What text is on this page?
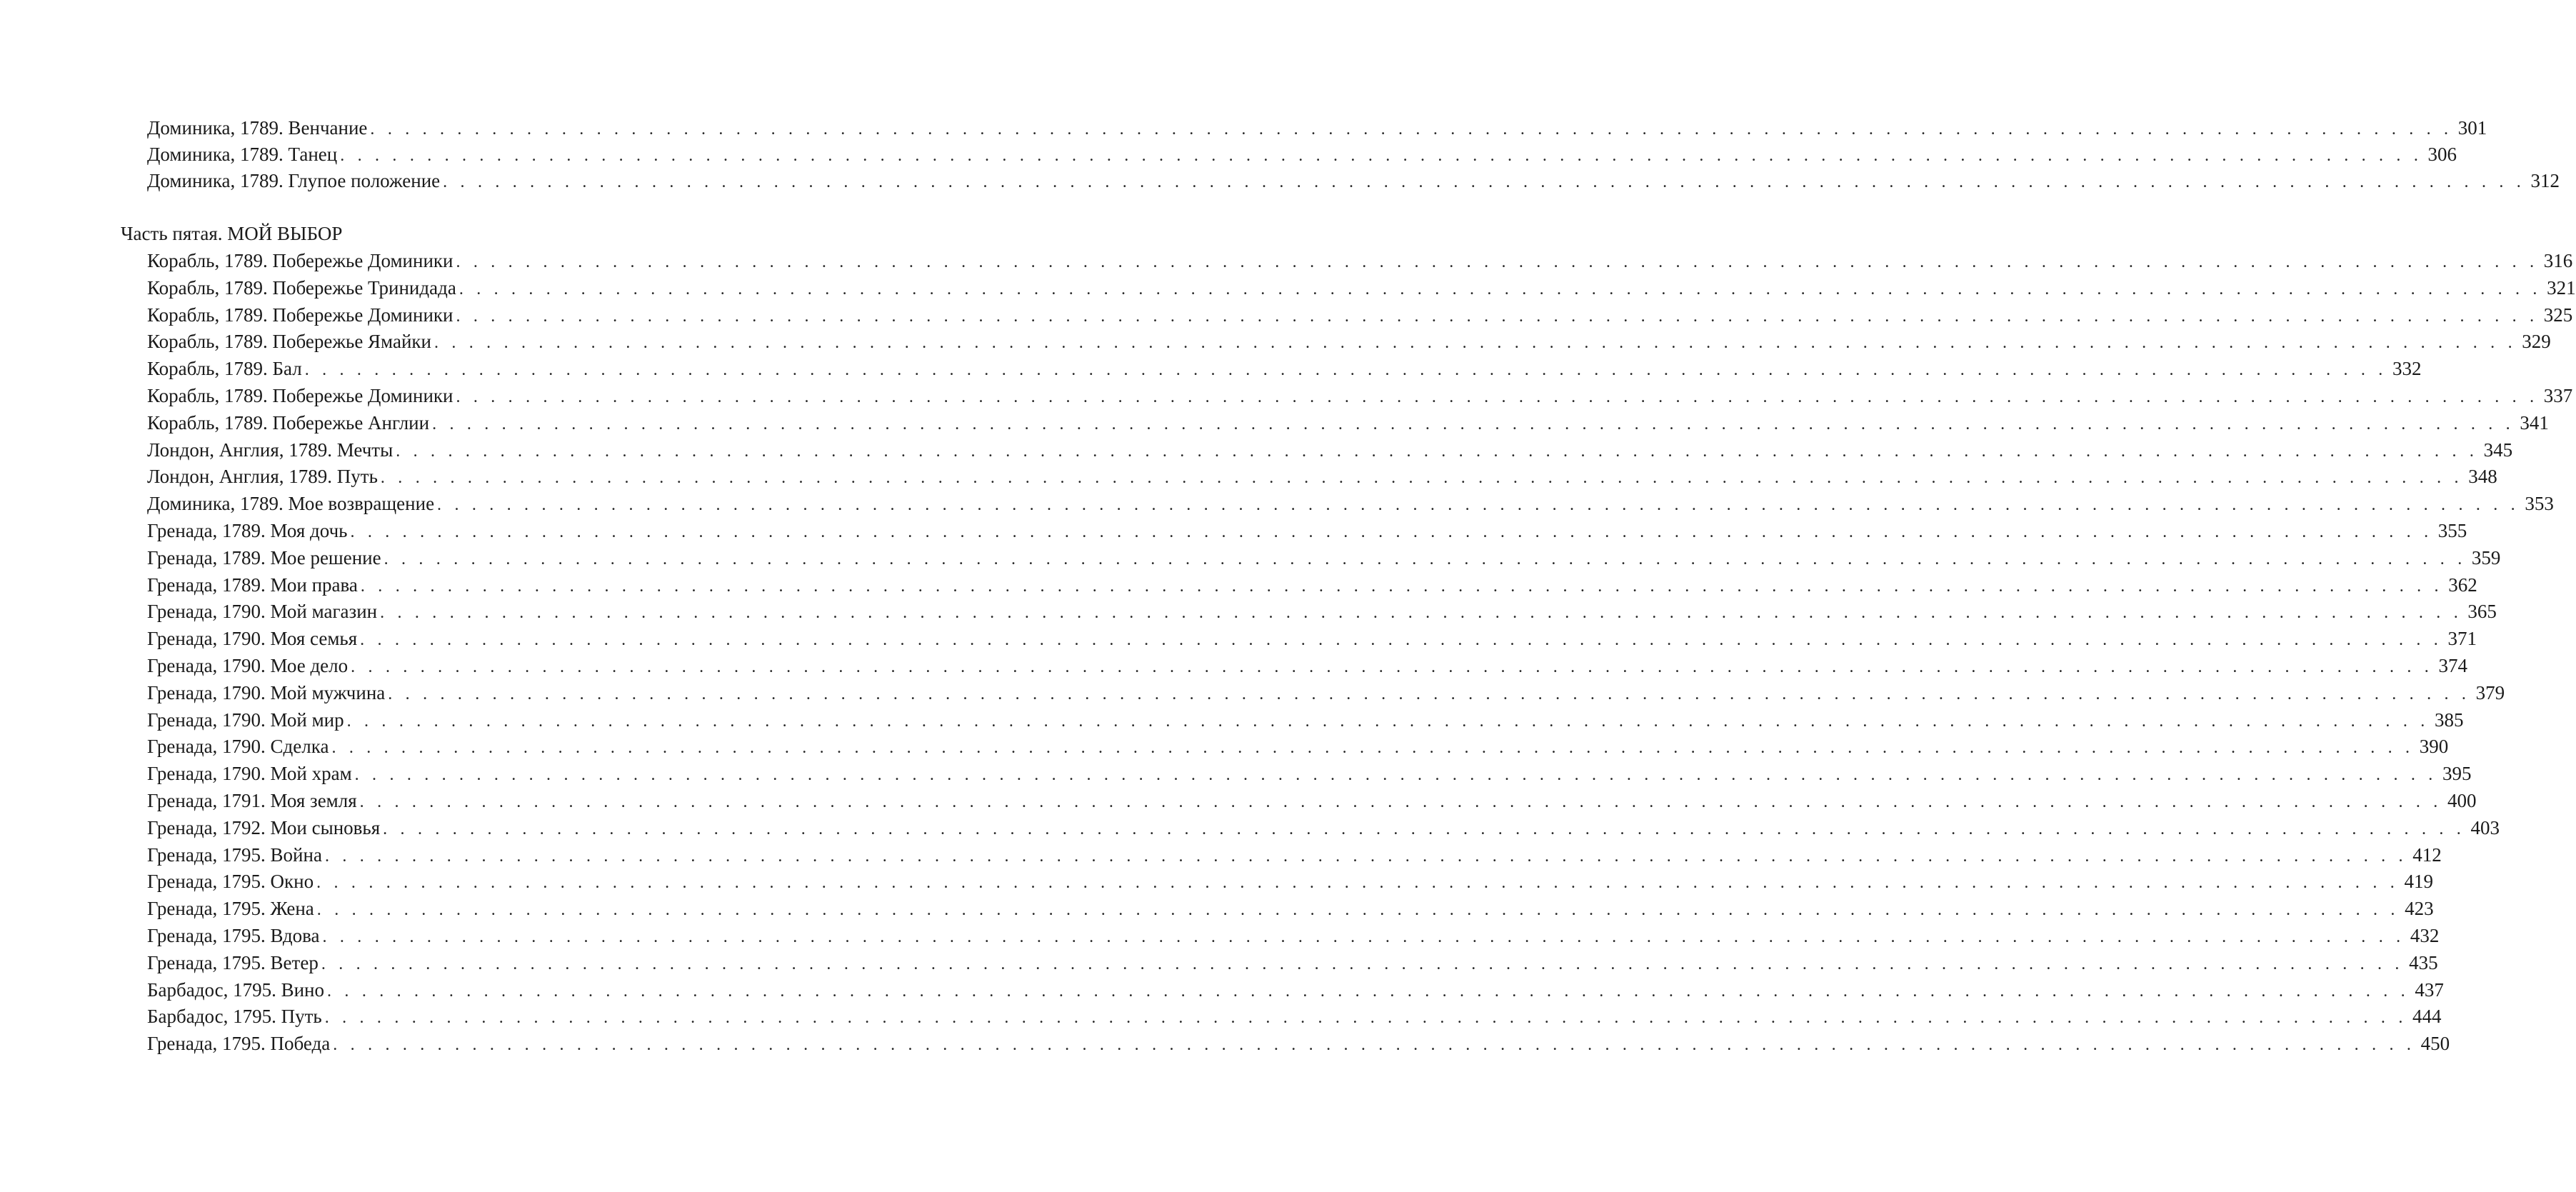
Часть пятая. МОЙ ВЫБОР
Доминика, 1789. Венчание . . . . . . . . . . . . . . . . . . . . . . . . . . . . . . . . . . . . . . . . . . . . . . . . . . . . . . . . . . . . . . . . . . . . . . . . . . . . . . . . . . . . . . . . . . . . . . . . . . . . . . . . . . . . . . . . . . . . . . . . 301
Доминика, 1789. Танец . . . . . . . . . . . . . . . . . . . . . . . . . . . . . . . . . . . . . . . . . . . . . . . . . . . . . . . . . . . . . . . . . . . . . . . . . . . . . . . . . . . . . . . . . . . . . . . . . . . . . . . . . . . . . . . . . . . . . . . . 306
Доминика, 1789. Глупое положение . . . . . . . . . . . . . . . . . . . . . . . . . . . . . . . . . . . . . . . . . . . . . . . . . . . . . . . . . . . . . . . . . . . . . . . . . . . . . . . . . . . . . . . . . . . . . . . . . . . . . . . . . . . . . . . . . . . . . . . . 312
Корабль, 1789. Побережье Доминики . . . . . . . . . . . . . . . . . . . . . . . . . . . . . . . . . . . . . . . . . . . . . . . . . . . . . . . . . . . . . . . . . . . . . . . . . . . . . . . . . . . . . . . . . . . . . . . . . . . . . . . . . . . . . . . . . . . . . . . . 316
Корабль, 1789. Побережье Тринидада . . . . . . . . . . . . . . . . . . . . . . . . . . . . . . . . . . . . . . . . . . . . . . . . . . . . . . . . . . . . . . . . . . . . . . . . . . . . . . . . . . . . . . . . . . . . . . . . . . . . . . . . . . . . . . . . . . . . . . . . 321
Корабль, 1789. Побережье Доминики . . . . . . . . . . . . . . . . . . . . . . . . . . . . . . . . . . . . . . . . . . . . . . . . . . . . . . . . . . . . . . . . . . . . . . . . . . . . . . . . . . . . . . . . . . . . . . . . . . . . . . . . . . . . . . . . . . . . . . . . 325
Корабль, 1789. Побережье Ямайки . . . . . . . . . . . . . . . . . . . . . . . . . . . . . . . . . . . . . . . . . . . . . . . . . . . . . . . . . . . . . . . . . . . . . . . . . . . . . . . . . . . . . . . . . . . . . . . . . . . . . . . . . . . . . . . . . . . . . . . . 329
Корабль, 1789. Бал . . . . . . . . . . . . . . . . . . . . . . . . . . . . . . . . . . . . . . . . . . . . . . . . . . . . . . . . . . . . . . . . . . . . . . . . . . . . . . . . . . . . . . . . . . . . . . . . . . . . . . . . . . . . . . . . . . . . . . . . 332
Корабль, 1789. Побережье Доминики . . . . . . . . . . . . . . . . . . . . . . . . . . . . . . . . . . . . . . . . . . . . . . . . . . . . . . . . . . . . . . . . . . . . . . . . . . . . . . . . . . . . . . . . . . . . . . . . . . . . . . . . . . . . . . . . . . . . . . . . 337
Корабль, 1789. Побережье Англии . . . . . . . . . . . . . . . . . . . . . . . . . . . . . . . . . . . . . . . . . . . . . . . . . . . . . . . . . . . . . . . . . . . . . . . . . . . . . . . . . . . . . . . . . . . . . . . . . . . . . . . . . . . . . . . . . . . . . . . . 341
Лондон, Англия, 1789. Мечты . . . . . . . . . . . . . . . . . . . . . . . . . . . . . . . . . . . . . . . . . . . . . . . . . . . . . . . . . . . . . . . . . . . . . . . . . . . . . . . . . . . . . . . . . . . . . . . . . . . . . . . . . . . . . . . . . . . . . . . . 345
Лондон, Англия, 1789. Путь . . . . . . . . . . . . . . . . . . . . . . . . . . . . . . . . . . . . . . . . . . . . . . . . . . . . . . . . . . . . . . . . . . . . . . . . . . . . . . . . . . . . . . . . . . . . . . . . . . . . . . . . . . . . . . . . . . . . . . . . 348
Доминика, 1789. Мое возвращение . . . . . . . . . . . . . . . . . . . . . . . . . . . . . . . . . . . . . . . . . . . . . . . . . . . . . . . . . . . . . . . . . . . . . . . . . . . . . . . . . . . . . . . . . . . . . . . . . . . . . . . . . . . . . . . . . . . . . . . . 353
Гренада, 1789. Моя дочь . . . . . . . . . . . . . . . . . . . . . . . . . . . . . . . . . . . . . . . . . . . . . . . . . . . . . . . . . . . . . . . . . . . . . . . . . . . . . . . . . . . . . . . . . . . . . . . . . . . . . . . . . . . . . . . . . . . . . . . . 355
Гренада, 1789. Мое решение . . . . . . . . . . . . . . . . . . . . . . . . . . . . . . . . . . . . . . . . . . . . . . . . . . . . . . . . . . . . . . . . . . . . . . . . . . . . . . . . . . . . . . . . . . . . . . . . . . . . . . . . . . . . . . . . . . . . . . . . 359
Гренада, 1789. Мои права . . . . . . . . . . . . . . . . . . . . . . . . . . . . . . . . . . . . . . . . . . . . . . . . . . . . . . . . . . . . . . . . . . . . . . . . . . . . . . . . . . . . . . . . . . . . . . . . . . . . . . . . . . . . . . . . . . . . . . . . 362
Гренада, 1790. Мой магазин . . . . . . . . . . . . . . . . . . . . . . . . . . . . . . . . . . . . . . . . . . . . . . . . . . . . . . . . . . . . . . . . . . . . . . . . . . . . . . . . . . . . . . . . . . . . . . . . . . . . . . . . . . . . . . . . . . . . . . . . 365
Гренада, 1790. Моя семья . . . . . . . . . . . . . . . . . . . . . . . . . . . . . . . . . . . . . . . . . . . . . . . . . . . . . . . . . . . . . . . . . . . . . . . . . . . . . . . . . . . . . . . . . . . . . . . . . . . . . . . . . . . . . . . . . . . . . . . . 371
Гренада, 1790. Мое дело . . . . . . . . . . . . . . . . . . . . . . . . . . . . . . . . . . . . . . . . . . . . . . . . . . . . . . . . . . . . . . . . . . . . . . . . . . . . . . . . . . . . . . . . . . . . . . . . . . . . . . . . . . . . . . . . . . . . . . . . 374
Гренада, 1790. Мой мужчина . . . . . . . . . . . . . . . . . . . . . . . . . . . . . . . . . . . . . . . . . . . . . . . . . . . . . . . . . . . . . . . . . . . . . . . . . . . . . . . . . . . . . . . . . . . . . . . . . . . . . . . . . . . . . . . . . . . . . . . . 379
Гренада, 1790. Мой мир . . . . . . . . . . . . . . . . . . . . . . . . . . . . . . . . . . . . . . . . . . . . . . . . . . . . . . . . . . . . . . . . . . . . . . . . . . . . . . . . . . . . . . . . . . . . . . . . . . . . . . . . . . . . . . . . . . . . . . . . 385
Гренада, 1790. Сделка . . . . . . . . . . . . . . . . . . . . . . . . . . . . . . . . . . . . . . . . . . . . . . . . . . . . . . . . . . . . . . . . . . . . . . . . . . . . . . . . . . . . . . . . . . . . . . . . . . . . . . . . . . . . . . . . . . . . . . . . 390
Гренада, 1790. Мой храм . . . . . . . . . . . . . . . . . . . . . . . . . . . . . . . . . . . . . . . . . . . . . . . . . . . . . . . . . . . . . . . . . . . . . . . . . . . . . . . . . . . . . . . . . . . . . . . . . . . . . . . . . . . . . . . . . . . . . . . . 395
Гренада, 1791. Моя земля . . . . . . . . . . . . . . . . . . . . . . . . . . . . . . . . . . . . . . . . . . . . . . . . . . . . . . . . . . . . . . . . . . . . . . . . . . . . . . . . . . . . . . . . . . . . . . . . . . . . . . . . . . . . . . . . . . . . . . . . 400
Гренада, 1792. Мои сыновья . . . . . . . . . . . . . . . . . . . . . . . . . . . . . . . . . . . . . . . . . . . . . . . . . . . . . . . . . . . . . . . . . . . . . . . . . . . . . . . . . . . . . . . . . . . . . . . . . . . . . . . . . . . . . . . . . . . . . . . . 403
Гренада, 1795. Война . . . . . . . . . . . . . . . . . . . . . . . . . . . . . . . . . . . . . . . . . . . . . . . . . . . . . . . . . . . . . . . . . . . . . . . . . . . . . . . . . . . . . . . . . . . . . . . . . . . . . . . . . . . . . . . . . . . . . . . . 412
Гренада, 1795. Окно . . . . . . . . . . . . . . . . . . . . . . . . . . . . . . . . . . . . . . . . . . . . . . . . . . . . . . . . . . . . . . . . . . . . . . . . . . . . . . . . . . . . . . . . . . . . . . . . . . . . . . . . . . . . . . . . . . . . . . . . 419
Гренада, 1795. Жена . . . . . . . . . . . . . . . . . . . . . . . . . . . . . . . . . . . . . . . . . . . . . . . . . . . . . . . . . . . . . . . . . . . . . . . . . . . . . . . . . . . . . . . . . . . . . . . . . . . . . . . . . . . . . . . . . . . . . . . . 423
Гренада, 1795. Вдова . . . . . . . . . . . . . . . . . . . . . . . . . . . . . . . . . . . . . . . . . . . . . . . . . . . . . . . . . . . . . . . . . . . . . . . . . . . . . . . . . . . . . . . . . . . . . . . . . . . . . . . . . . . . . . . . . . . . . . . . 432
Гренада, 1795. Ветер . . . . . . . . . . . . . . . . . . . . . . . . . . . . . . . . . . . . . . . . . . . . . . . . . . . . . . . . . . . . . . . . . . . . . . . . . . . . . . . . . . . . . . . . . . . . . . . . . . . . . . . . . . . . . . . . . . . . . . . . 435
Барбадос, 1795. Вино . . . . . . . . . . . . . . . . . . . . . . . . . . . . . . . . . . . . . . . . . . . . . . . . . . . . . . . . . . . . . . . . . . . . . . . . . . . . . . . . . . . . . . . . . . . . . . . . . . . . . . . . . . . . . . . . . . . . . . . . 437
Барбадос, 1795. Путь . . . . . . . . . . . . . . . . . . . . . . . . . . . . . . . . . . . . . . . . . . . . . . . . . . . . . . . . . . . . . . . . . . . . . . . . . . . . . . . . . . . . . . . . . . . . . . . . . . . . . . . . . . . . . . . . . . . . . . . . 444
Гренада, 1795. Победа . . . . . . . . . . . . . . . . . . . . . . . . . . . . . . . . . . . . . . . . . . . . . . . . . . . . . . . . . . . . . . . . . . . . . . . . . . . . . . . . . . . . . . . . . . . . . . . . . . . . . . . . . . . . . . . . . . . . . . . . 450
